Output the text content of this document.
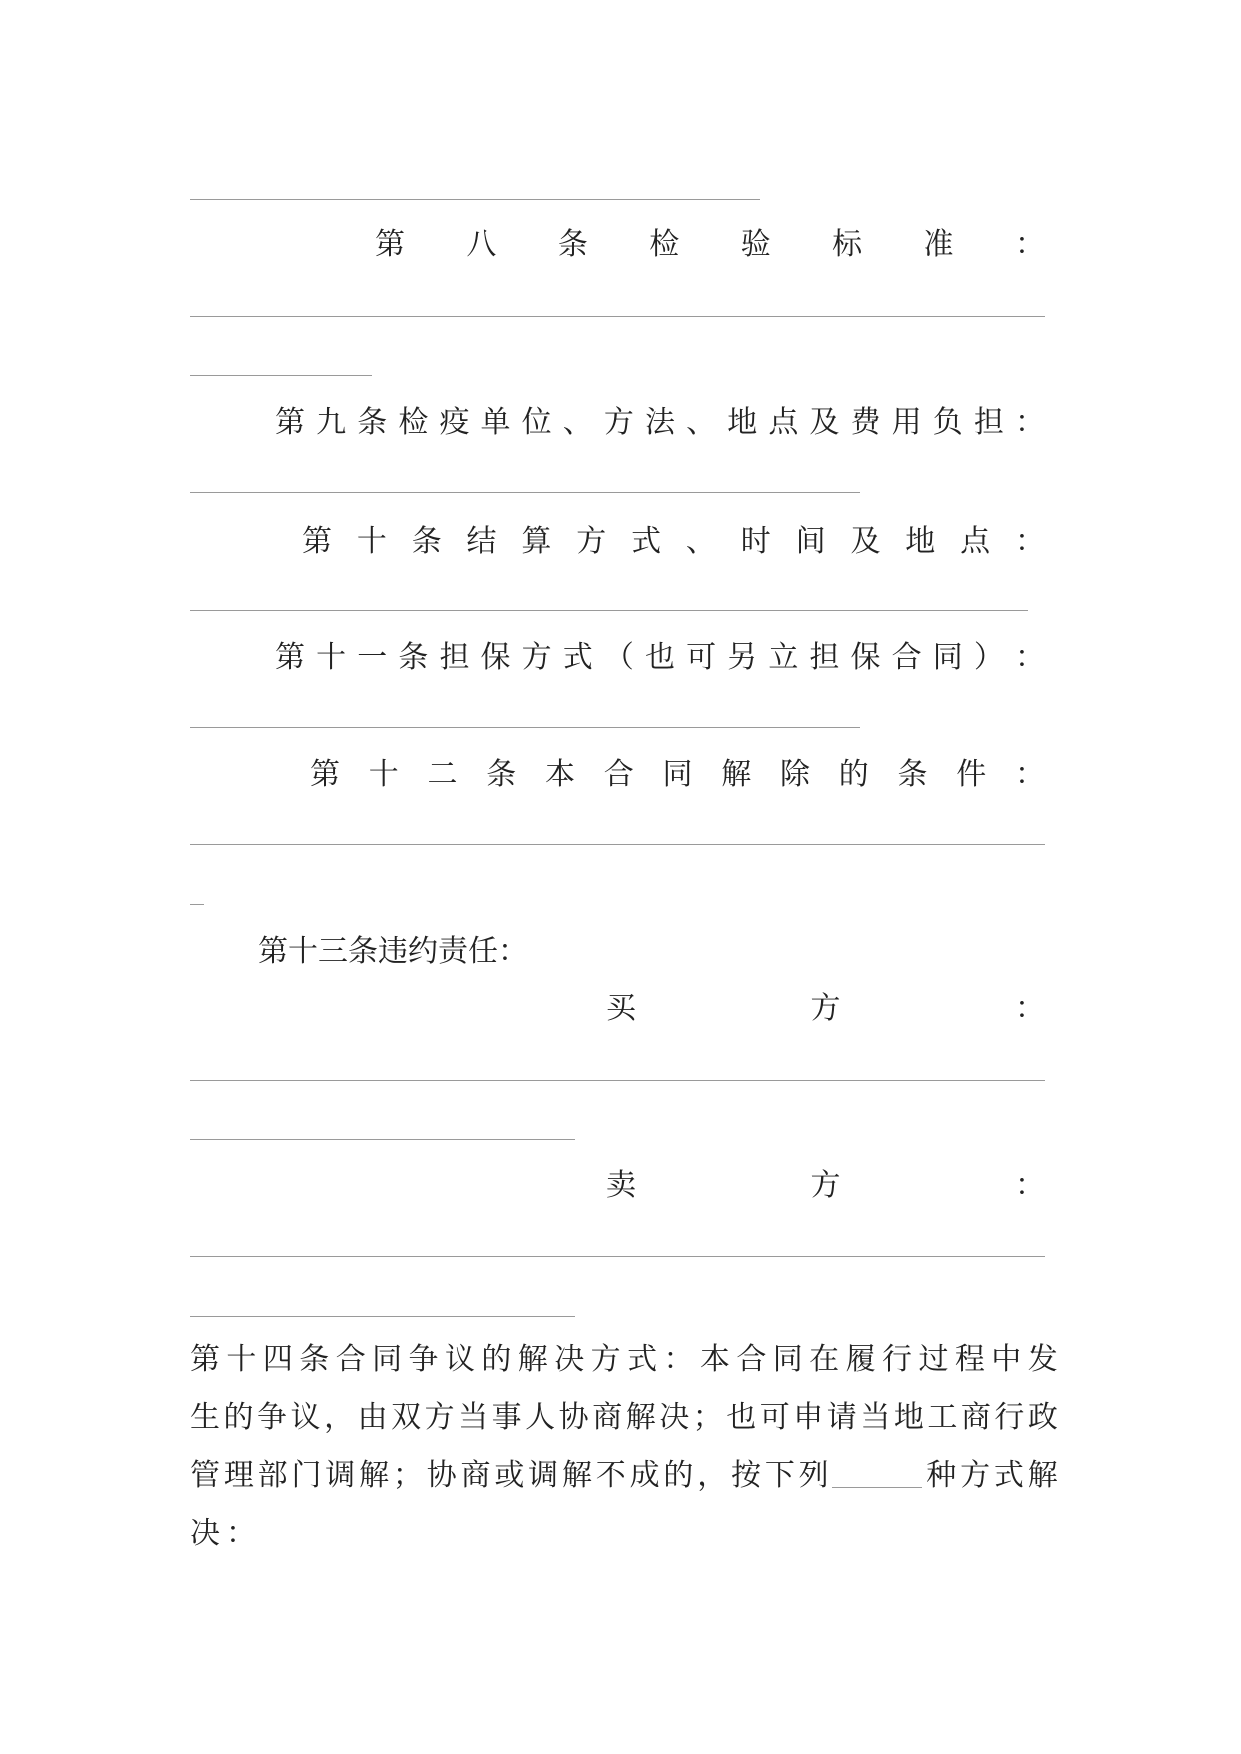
第 八 条 检 验 标 准 ：
第 九 条 检 疫 单 位 、 方 法 、 地 点 及 费 用 负 担 ：
第 十 条 结 算 方 式 、 时 间 及 地 点 ：
第 十 一 条 担 保 方 式 （ 也 可 另 立 担 保 合 同 ） ：
第 十 二 条 本 合 同 解 除 的 条 件 ：
第十三条违约责任：
买	方	：
卖	方	：
第 十 四 条 合 同 争 议 的 解 决 方 式 ： 本 合 同 在 履 行 过 程 中 发
生 的 争 议 ， 由 双 方 当 事 人 协 商 解 决 ； 也 可 申 请 当 地 工 商 行 政
管 理 部 门 调 解 ； 协 商 或 调 解 不 成 的 ， 按 下 列	种 方 式 解
决 ：
